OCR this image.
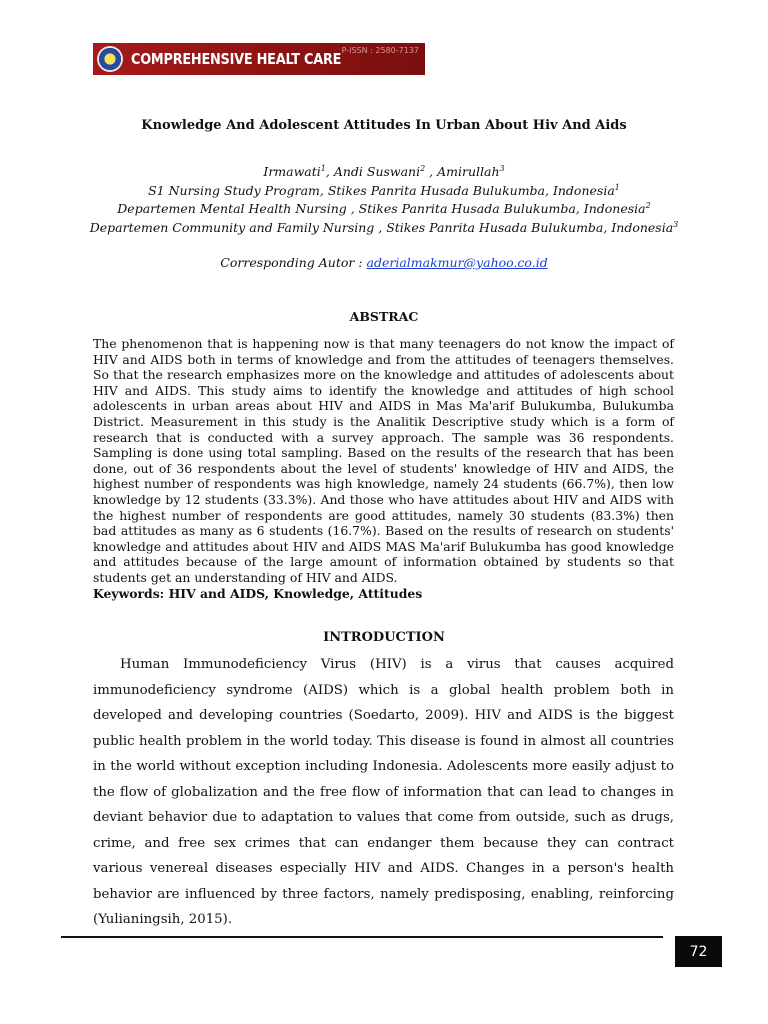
COMPREHENSIVE HEALT CARE P-ISSN : 2580-7137
Knowledge And Adolescent Attitudes In Urban About Hiv And Aids
Irmawati$^1$, Andi Suswani$^2$ , Amirullah$^3$
S1 Nursing Study Program, Stikes Panrita Husada Bulukumba, Indonesia$^1$
Departemen Mental Health Nursing , Stikes Panrita Husada Bulukumba, Indonesia$^2$
Departemen Community and Family Nursing , Stikes Panrita Husada Bulukumba, Indonesia$^3$
Corresponding Autor : aderialmakmur@yahoo.co.id
ABSTRAC

The phenomenon that is happening now is that many teenagers do not know the impact of HIV and AIDS both in terms of knowledge and from the attitudes of teenagers themselves. So that the research emphasizes more on the knowledge and attitudes of adolescents about HIV and AIDS. This study aims to identify the knowledge and attitudes of high school adolescents in urban areas about HIV and AIDS in Mas Ma'arif Bulukumba, Bulukumba District. Measurement in this study is the Analitik Descriptive study which is a form of research that is conducted with a survey approach. The sample was 36 respondents. Sampling is done using total sampling. Based on the results of the research that has been done, out of 36 respondents about the level of students' knowledge of HIV and AIDS, the highest number of respondents was high knowledge, namely 24 students (66.7%), then low knowledge by 12 students (33.3%). And those who have attitudes about HIV and AIDS with the highest number of respondents are good attitudes, namely 30 students (83.3%) then bad attitudes as many as 6 students (16.7%). Based on the results of research on students' knowledge and attitudes about HIV and AIDS MAS Ma'arif Bulukumba has good knowledge and attitudes because of the large amount of information obtained by students so that students get an understanding of HIV and AIDS.

Keywords: HIV and AIDS, Knowledge, Attitudes
INTRODUCTION

Human Immunodeficiency Virus (HIV) is a virus that causes acquired immunodeficiency syndrome (AIDS) which is a global health problem both in developed and developing countries (Soedarto, 2009). HIV and AIDS is the biggest public health problem in the world today. This disease is found in almost all countries in the world without exception including Indonesia. Adolescents more easily adjust to the flow of globalization and the free flow of information that can lead to changes in deviant behavior due to adaptation to values that come from outside, such as drugs, crime, and free sex crimes that can endanger them because they can contract various venereal diseases especially HIV and AIDS. Changes in a person's health behavior are influenced by three factors, namely predisposing, enabling, reinforcing (Yulianingsih, 2015).

72
